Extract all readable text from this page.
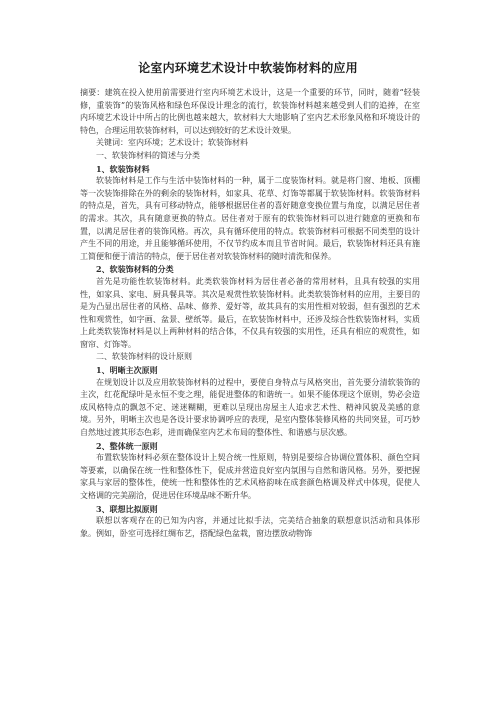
论室内环境艺术设计中软装饰材料的应用

摘要：建筑在投入使用前需要进行室内环境艺术设计，这是一个重要的环节，同时，随着“轻装修，重装饰”的装饰风格和绿色环保设计理念的流行，软装饰材料越来越受到人们的追捧，在室内环境艺术设计中所占的比例也越来越大，软材料大大地影响了室内艺术形象风格和环境设计的特色，合理运用软装饰材料，可以达到较好的艺术设计效果。

关键词：室内环境；艺术设计；软装饰材料

一、软装饰材料的简述与分类

1、软装饰材料

软装饰材料是工作与生活中装饰材料的一种，属于二度装饰材料。就是将门窗、地板、顶棚等一次装饰排除在外的剩余的装饰材料，如家具、花草、灯饰等都属于软装饰材料。软装饰材料的特点是，首先，具有可移动特点，能够根据居住者的喜好随意变换位置与角度，以满足居住者的需求。其次，具有随意更换的特点。居住者对于原有的软装饰材料可以进行随意的更换和布置，以满足居住者的装饰风格。再次，具有循环使用的特点。软装饰材料可根据不同类型的设计产生不同的用途，并且能够循环使用，不仅节约成本而且节省时间。最后，软装饰材料还具有施工简便和便于清洁的特点，便于居住者对软装饰材料的随时清洗和保养。

2、软装饰材料的分类

首先是功能性软装饰材料。此类软装饰材料为居住者必备的常用材料，且具有较强的实用性，如家具、家电、厨具餐具等。其次是观赏性软装饰材料。此类软装饰材料的应用，主要目的是为凸显出居住者的风格、品味、修养、爱好等，故其具有的实用性相对较弱，但有强烈的艺术性和观赏性，如字画、盆景、壁纸等。最后，在软装饰材料中，还涉及综合性软装饰材料，实质上此类软装饰材料是以上两种材料的结合体，不仅具有较强的实用性，还具有相应的观赏性，如窗帘、灯饰等。

二、软装饰材料的设计原则

1、明晰主次原则

在规划设计以及应用软装饰材料的过程中，要使自身特点与风格突出，首先要分清软装饰的主次，红花配绿叶是永恒不变之理，能促进整体的和谐统一。如果不能体现这个原则，势必会造成风格特点的飘忽不定、迷迷糊糊，更难以呈现出房屋主人追求艺术性、精神风貌及美感的意境。另外，明晰主次也是各设计要求协调呼应的表现，是室内整体装修风格的共同突显，可巧妙自然地过渡其形态色彩，进而确保室内艺术布局的整体性、和谐感与层次感。

2、整体统一原则

布置软装饰材料必须在整体设计上契合统一性原则，特别是要综合协调位置体积、颜色空间等要素，以确保在统一性和整体性下，促成并营造良好室内氛围与自然和谐风格。另外，要把握家具与家居的整体性，使统一性和整体性的艺术风格韵味在成套颜色格调及样式中体现，促使人文格调的完美副洽，促进居住环境品味不断升华。

3、联想比拟原则

联想以客观存在的已知为内容，并通过比拟手法，完美结合抽象的联想意识活动和具体形象。例如，卧室可选择红绸布艺，搭配绿色盆栽，窗边摆放动物饰
